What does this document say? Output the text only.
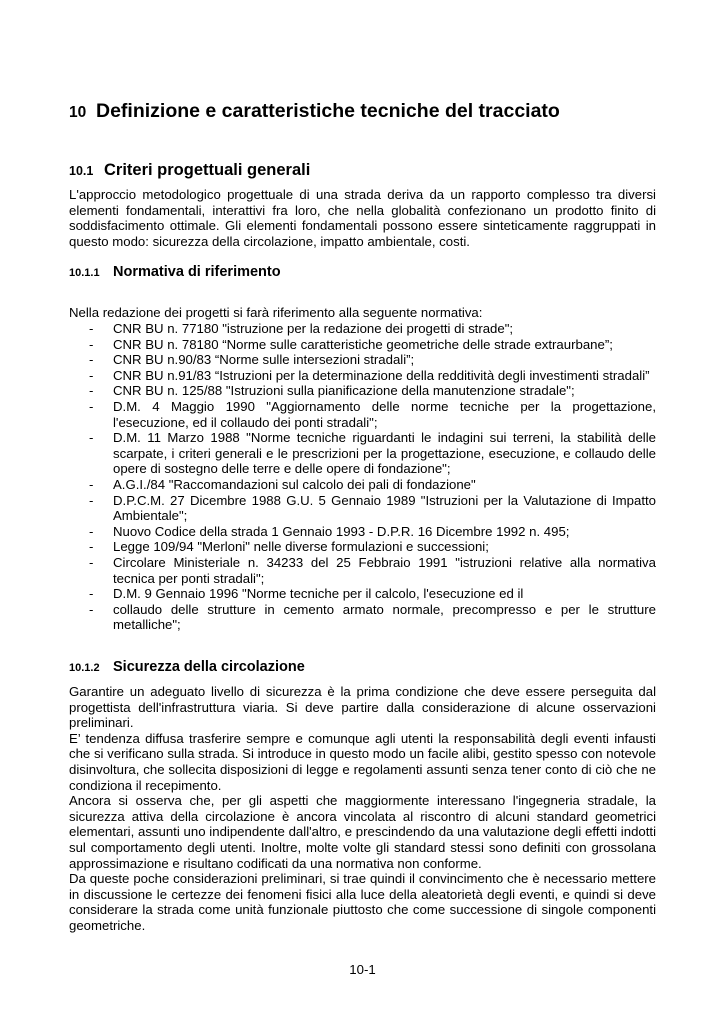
10 Definizione e caratteristiche tecniche del tracciato
10.1 Criteri progettuali generali

L'approccio metodologico progettuale di una strada deriva da un rapporto complesso tra diversi elementi fondamentali, interattivi fra loro, che nella globalità confezionano un prodotto finito di soddisfacimento ottimale. Gli elementi fondamentali possono essere sinteticamente raggruppati in questo modo: sicurezza della circolazione, impatto ambientale, costi.

10.1.1 Normativa di riferimento

Nella redazione dei progetti si farà riferimento alla seguente normativa:

- CNR BU n. 77180 "istruzione per la redazione dei progetti di strade";
- CNR BU n. 78180 “Norme sulle caratteristiche geometriche delle strade extraurbane”;
- CNR BU n.90/83 “Norme sulle intersezioni stradali”;
- CNR BU n.91/83 “Istruzioni per la determinazione della redditività degli investimenti stradali”
- CNR BU n. 125/88 "Istruzioni sulla pianificazione della manutenzione stradale";
- D.M. 4 Maggio 1990 "Aggiornamento delle norme tecniche per la progettazione, l'esecuzione, ed il collaudo dei ponti stradali";
- D.M. 11 Marzo 1988 "Norme tecniche riguardanti le indagini sui terreni, la stabilità delle scarpate, i criteri generali e le prescrizioni per la progettazione, esecuzione, e collaudo delle opere di sostegno delle terre e delle opere di fondazione";
- A.G.I./84 "Raccomandazioni sul calcolo dei pali di fondazione"
- D.P.C.M. 27 Dicembre 1988 G.U. 5 Gennaio 1989 "Istruzioni per la Valutazione di Impatto Ambientale";
- Nuovo Codice della strada 1 Gennaio 1993 - D.P.R. 16 Dicembre 1992 n. 495;
- Legge 109/94 "Merloni" nelle diverse formulazioni e successioni;
- Circolare Ministeriale n. 34233 del 25 Febbraio 1991 "istruzioni relative alla normativa tecnica per ponti stradali";
- D.M. 9 Gennaio 1996 "Norme tecniche per il calcolo, l'esecuzione ed il
- collaudo delle strutture in cemento armato normale, precompresso e per le strutture metalliche";
10.1.2 Sicurezza della circolazione

Garantire un adeguato livello di sicurezza è la prima condizione che deve essere perseguita dal progettista dell'infrastruttura viaria. Si deve partire dalla considerazione di alcune osservazioni preliminari.

E’ tendenza diffusa trasferire sempre e comunque agli utenti la responsabilità degli eventi infausti che si verificano sulla strada. Si introduce in questo modo un facile alibi, gestito spesso con notevole disinvoltura, che sollecita disposizioni di legge e regolamenti assunti senza tener conto di ciò che ne condiziona il recepimento.

Ancora si osserva che, per gli aspetti che maggiormente interessano l'ingegneria stradale, la sicurezza attiva della circolazione è ancora vincolata al riscontro di alcuni standard geometrici elementari, assunti uno indipendente dall'altro, e prescindendo da una valutazione degli effetti indotti sul comportamento degli utenti. Inoltre, molte volte gli standard stessi sono definiti con grossolana approssimazione e risultano codificati da una normativa non conforme.

Da queste poche considerazioni preliminari, si trae quindi il convincimento che è necessario mettere in discussione le certezze dei fenomeni fisici alla luce della aleatorietà degli eventi, e quindi si deve considerare la strada come unità funzionale piuttosto che come successione di singole componenti geometriche.

10-1
